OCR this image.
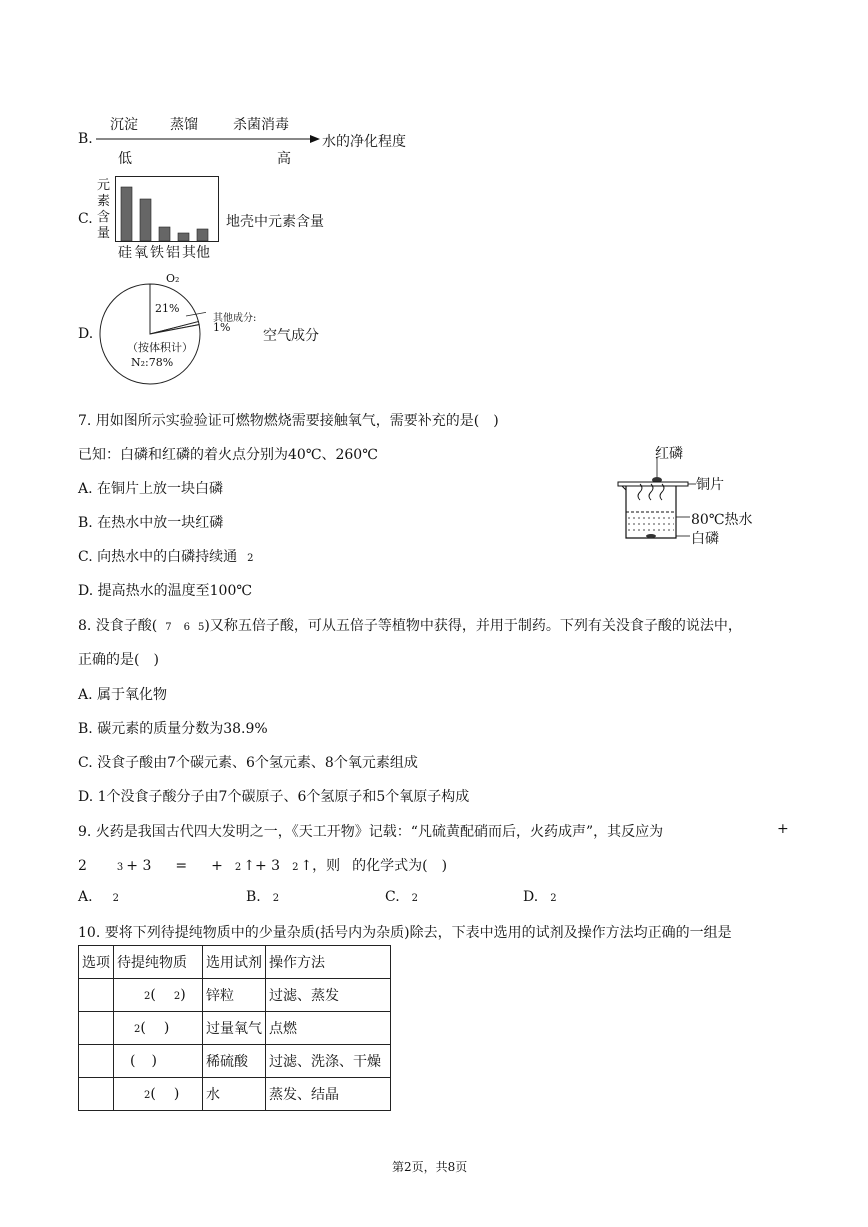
B.
沉淀 蒸馏	杀菌消毒
水的净化程度
低	高
C.
元
素
含
量
硅 氧 铁 铝 其他
地壳中元素含量
D.
O₂
21%
其他成分:
1%
（按体积计）
N₂:78%
空气成分
7. 用如图所示实验验证可燃物燃烧需要接触氧气，需要补充的是(　)
已知：白磷和红磷的着火点分别为40℃、260℃
A. 在铜片上放一块白磷
B. 在热水中放一块红磷
C. 向热水中的白磷持续通 2
D. 提高热水的温度至100℃
红磷
铜片
80℃热水
白磷
8. 没食子酸( 7 6 5)又称五倍子酸，可从五倍子等植物中获得，并用于制药。下列有关没食子酸的说法中，
正确的是(　)
A. 属于氧化物
B. 碳元素的质量分数为38.9%
C. 没食子酸由7个碳元素、6个氢元素、8个氧元素组成
D. 1个没食子酸分子由7个碳原子、6个氢原子和5个氧原子构成
9. 火药是我国古代四大发明之一，《天工开物》记载：“凡硫黄配硝而后，火药成声”，其反应为	+
2	3 + 3 = + 2 ↑+ 3 2 ↑，则 的化学式为(　)
A. 2	B. 2	C. 2	D. 2
10. 要将下列待提纯物质中的少量杂质(括号内为杂质)除去，下表中选用的试剂及操作方法均正确的一组是
选项	待提纯物质	选用试剂	操作方法
	2( 2)	锌粒	过滤、蒸发
	2( )	过量氧气	点燃
	( )	稀硫酸	过滤、洗涤、干燥
	2( )	水	蒸发、结晶
第2页，共8页
